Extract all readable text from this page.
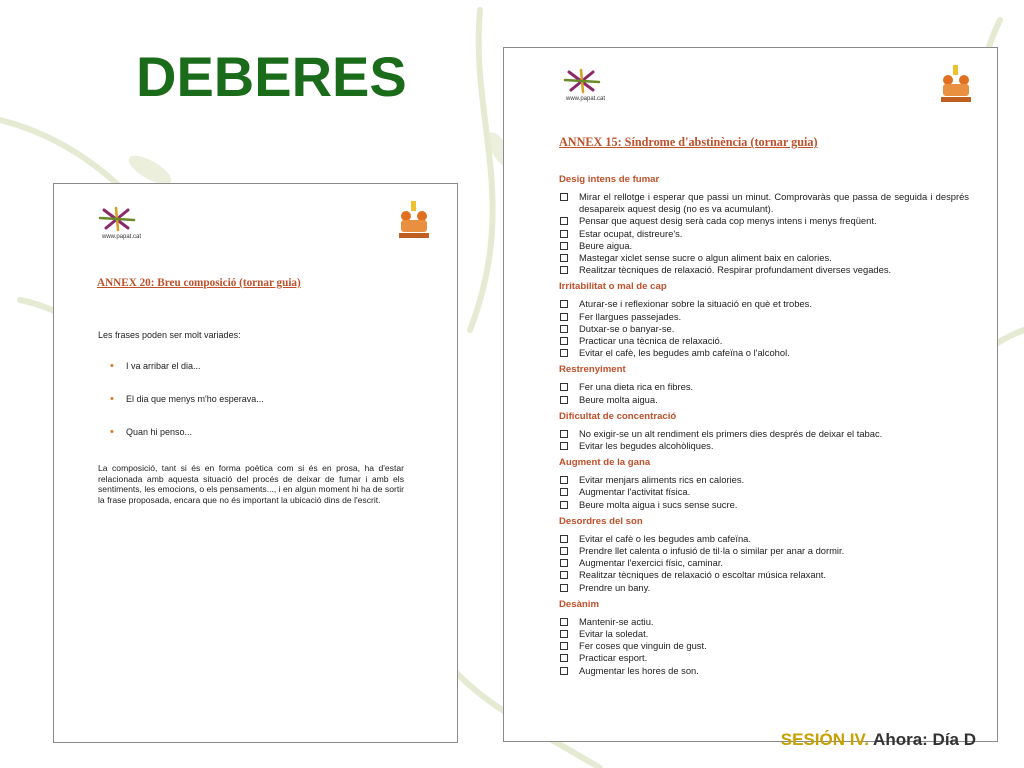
DEBERES
www.papat.cat
ANNEX 20: Breu composició (tornar guia)
Les frases poden ser molt variades:
• I va arribar el dia...
• El dia que menys m'ho esperava...
• Quan hi penso...

La composició, tant si és en forma poètica com si és en prosa, ha d'estar relacionada amb aquesta situació del procés de deixar de fumar i amb els sentiments, les emocions, o els pensaments..., i en algun moment hi ha de sortir la frase proposada, encara que no és important la ubicació dins de l'escrit.

www.papat.cat
ANNEX 15: Síndrome d'abstinència (tornar guia)
Desig intens de fumar
Mirar el rellotge i esperar que passi un minut. Comprovaràs que passa de seguida i després desapareix aquest desig (no es va acumulant).
Pensar que aquest desig serà cada cop menys intens i menys freqüent.
Estar ocupat, distreure's.
Beure aigua.
Mastegar xiclet sense sucre o algun aliment baix en calories.
Realitzar tècniques de relaxació. Respirar profundament diverses vegades.
Irritabilitat o mal de cap
Aturar-se i reflexionar sobre la situació en què et trobes.
Fer llargues passejades.
Dutxar-se o banyar-se.
Practicar una tècnica de relaxació.
Evitar el cafè, les begudes amb cafeïna o l'alcohol.
Restrenyiment
Fer una dieta rica en fibres.
Beure molta aigua.
Dificultat de concentració
No exigir-se un alt rendiment els primers dies després de deixar el tabac.
Evitar les begudes alcohòliques.
Augment de la gana
Evitar menjars aliments rics en calories.
Augmentar l'activitat física.
Beure molta aigua i sucs sense sucre.
Desordres del son
Evitar el cafè o les begudes amb cafeïna.
Prendre llet calenta o infusió de til·la o similar per anar a dormir.
Augmentar l'exercici físic, caminar.
Realitzar tècniques de relaxació o escoltar música relaxant.
Prendre un bany.
Desànim
Mantenir-se actiu.
Evitar la soledat.
Fer coses que vinguin de gust.
Practicar esport.
Augmentar les hores de son.
SESIÓN IV. Ahora: Día D
